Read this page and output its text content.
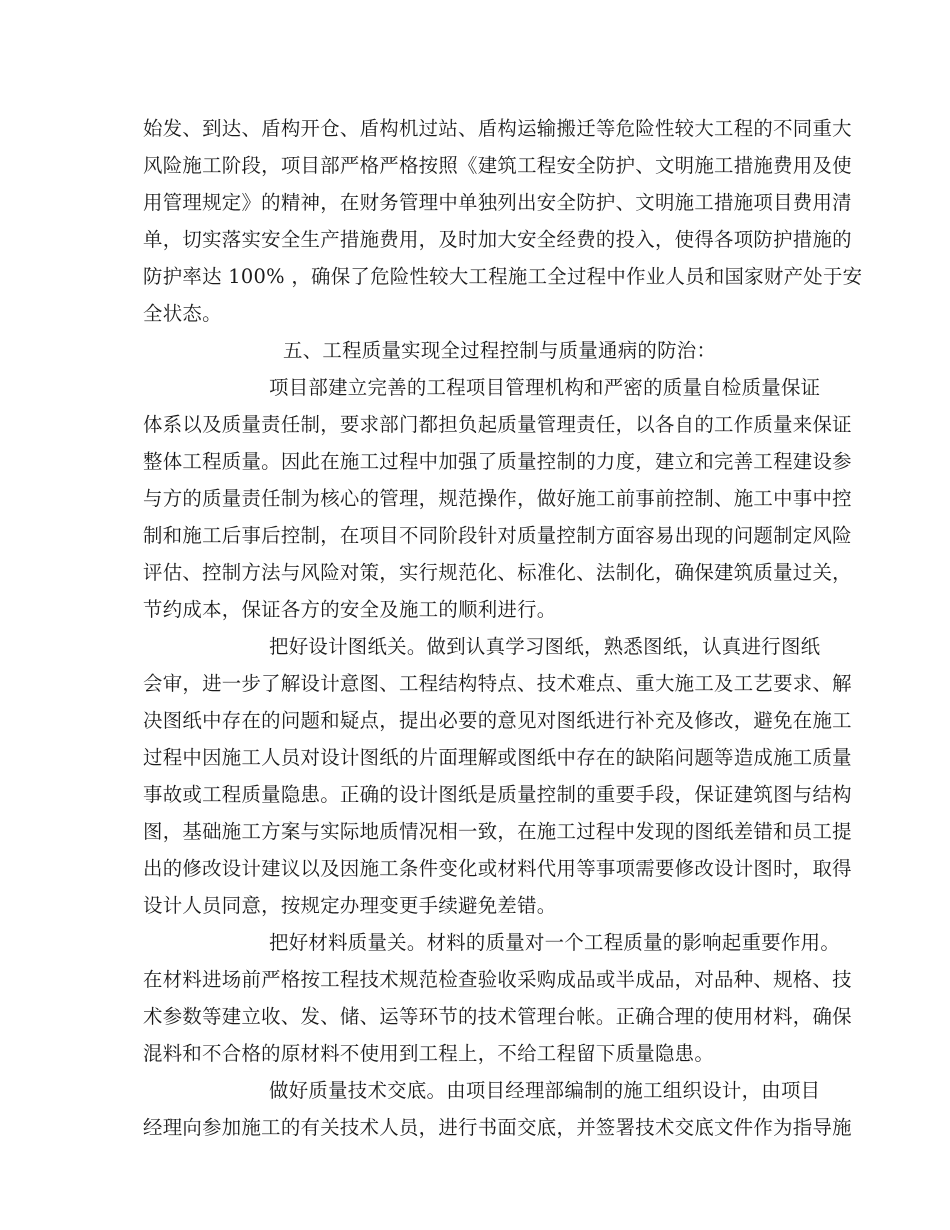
始发、到达、盾构开仓、盾构机过站、盾构运输搬迁等危险性较大工程的不同重大
风险施工阶段，项目部严格严格按照《建筑工程安全防护、文明施工措施费用及使
用管理规定》的精神，在财务管理中单独列出安全防护、文明施工措施项目费用清
单，切实落实安全生产措施费用，及时加大安全经费的投入，使得各项防护措施的
防护率达 100% ，确保了危险性较大工程施工全过程中作业人员和国家财产处于安
全状态。
五、工程质量实现全过程控制与质量通病的防治：
项目部建立完善的工程项目管理机构和严密的质量自检质量保证
体系以及质量责任制，要求部门都担负起质量管理责任，以各自的工作质量来保证
整体工程质量。因此在施工过程中加强了质量控制的力度，建立和完善工程建设参
与方的质量责任制为核心的管理，规范操作，做好施工前事前控制、施工中事中控
制和施工后事后控制，在项目不同阶段针对质量控制方面容易出现的问题制定风险
评估、控制方法与风险对策，实行规范化、标准化、法制化，确保建筑质量过关，
节约成本，保证各方的安全及施工的顺利进行。
把好设计图纸关。做到认真学习图纸，熟悉图纸，认真进行图纸
会审，进一步了解设计意图、工程结构特点、技术难点、重大施工及工艺要求、解
决图纸中存在的问题和疑点，提出必要的意见对图纸进行补充及修改，避免在施工
过程中因施工人员对设计图纸的片面理解或图纸中存在的缺陷问题等造成施工质量
事故或工程质量隐患。正确的设计图纸是质量控制的重要手段，保证建筑图与结构
图，基础施工方案与实际地质情况相一致，在施工过程中发现的图纸差错和员工提
出的修改设计建议以及因施工条件变化或材料代用等事项需要修改设计图时，取得
设计人员同意，按规定办理变更手续避免差错。
把好材料质量关。材料的质量对一个工程质量的影响起重要作用。
在材料进场前严格按工程技术规范检查验收采购成品或半成品，对品种、规格、技
术参数等建立收、发、储、运等环节的技术管理台帐。正确合理的使用材料，确保
混料和不合格的原材料不使用到工程上，不给工程留下质量隐患。
做好质量技术交底。由项目经理部编制的施工组织设计，由项目
经理向参加施工的有关技术人员，进行书面交底，并签署技术交底文件作为指导施
